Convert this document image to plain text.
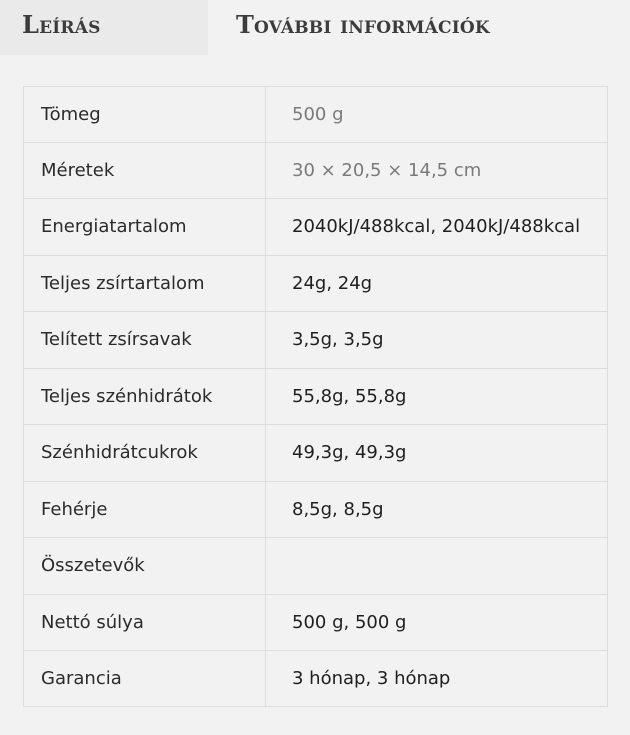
Leírás	További információk
Tömeg	500 g
Méretek	30 × 20,5 × 14,5 cm
Energiatartalom	2040kJ/488kcal, 2040kJ/488kcal
Teljes zsírtartalom	24g, 24g
Telített zsírsavak	3,5g, 3,5g
Teljes szénhidrátok	55,8g, 55,8g
Szénhidrátcukrok	49,3g, 49,3g
Fehérje	8,5g, 8,5g
Összetevők	
Nettó súlya	500 g, 500 g
Garancia	3 hónap, 3 hónap
